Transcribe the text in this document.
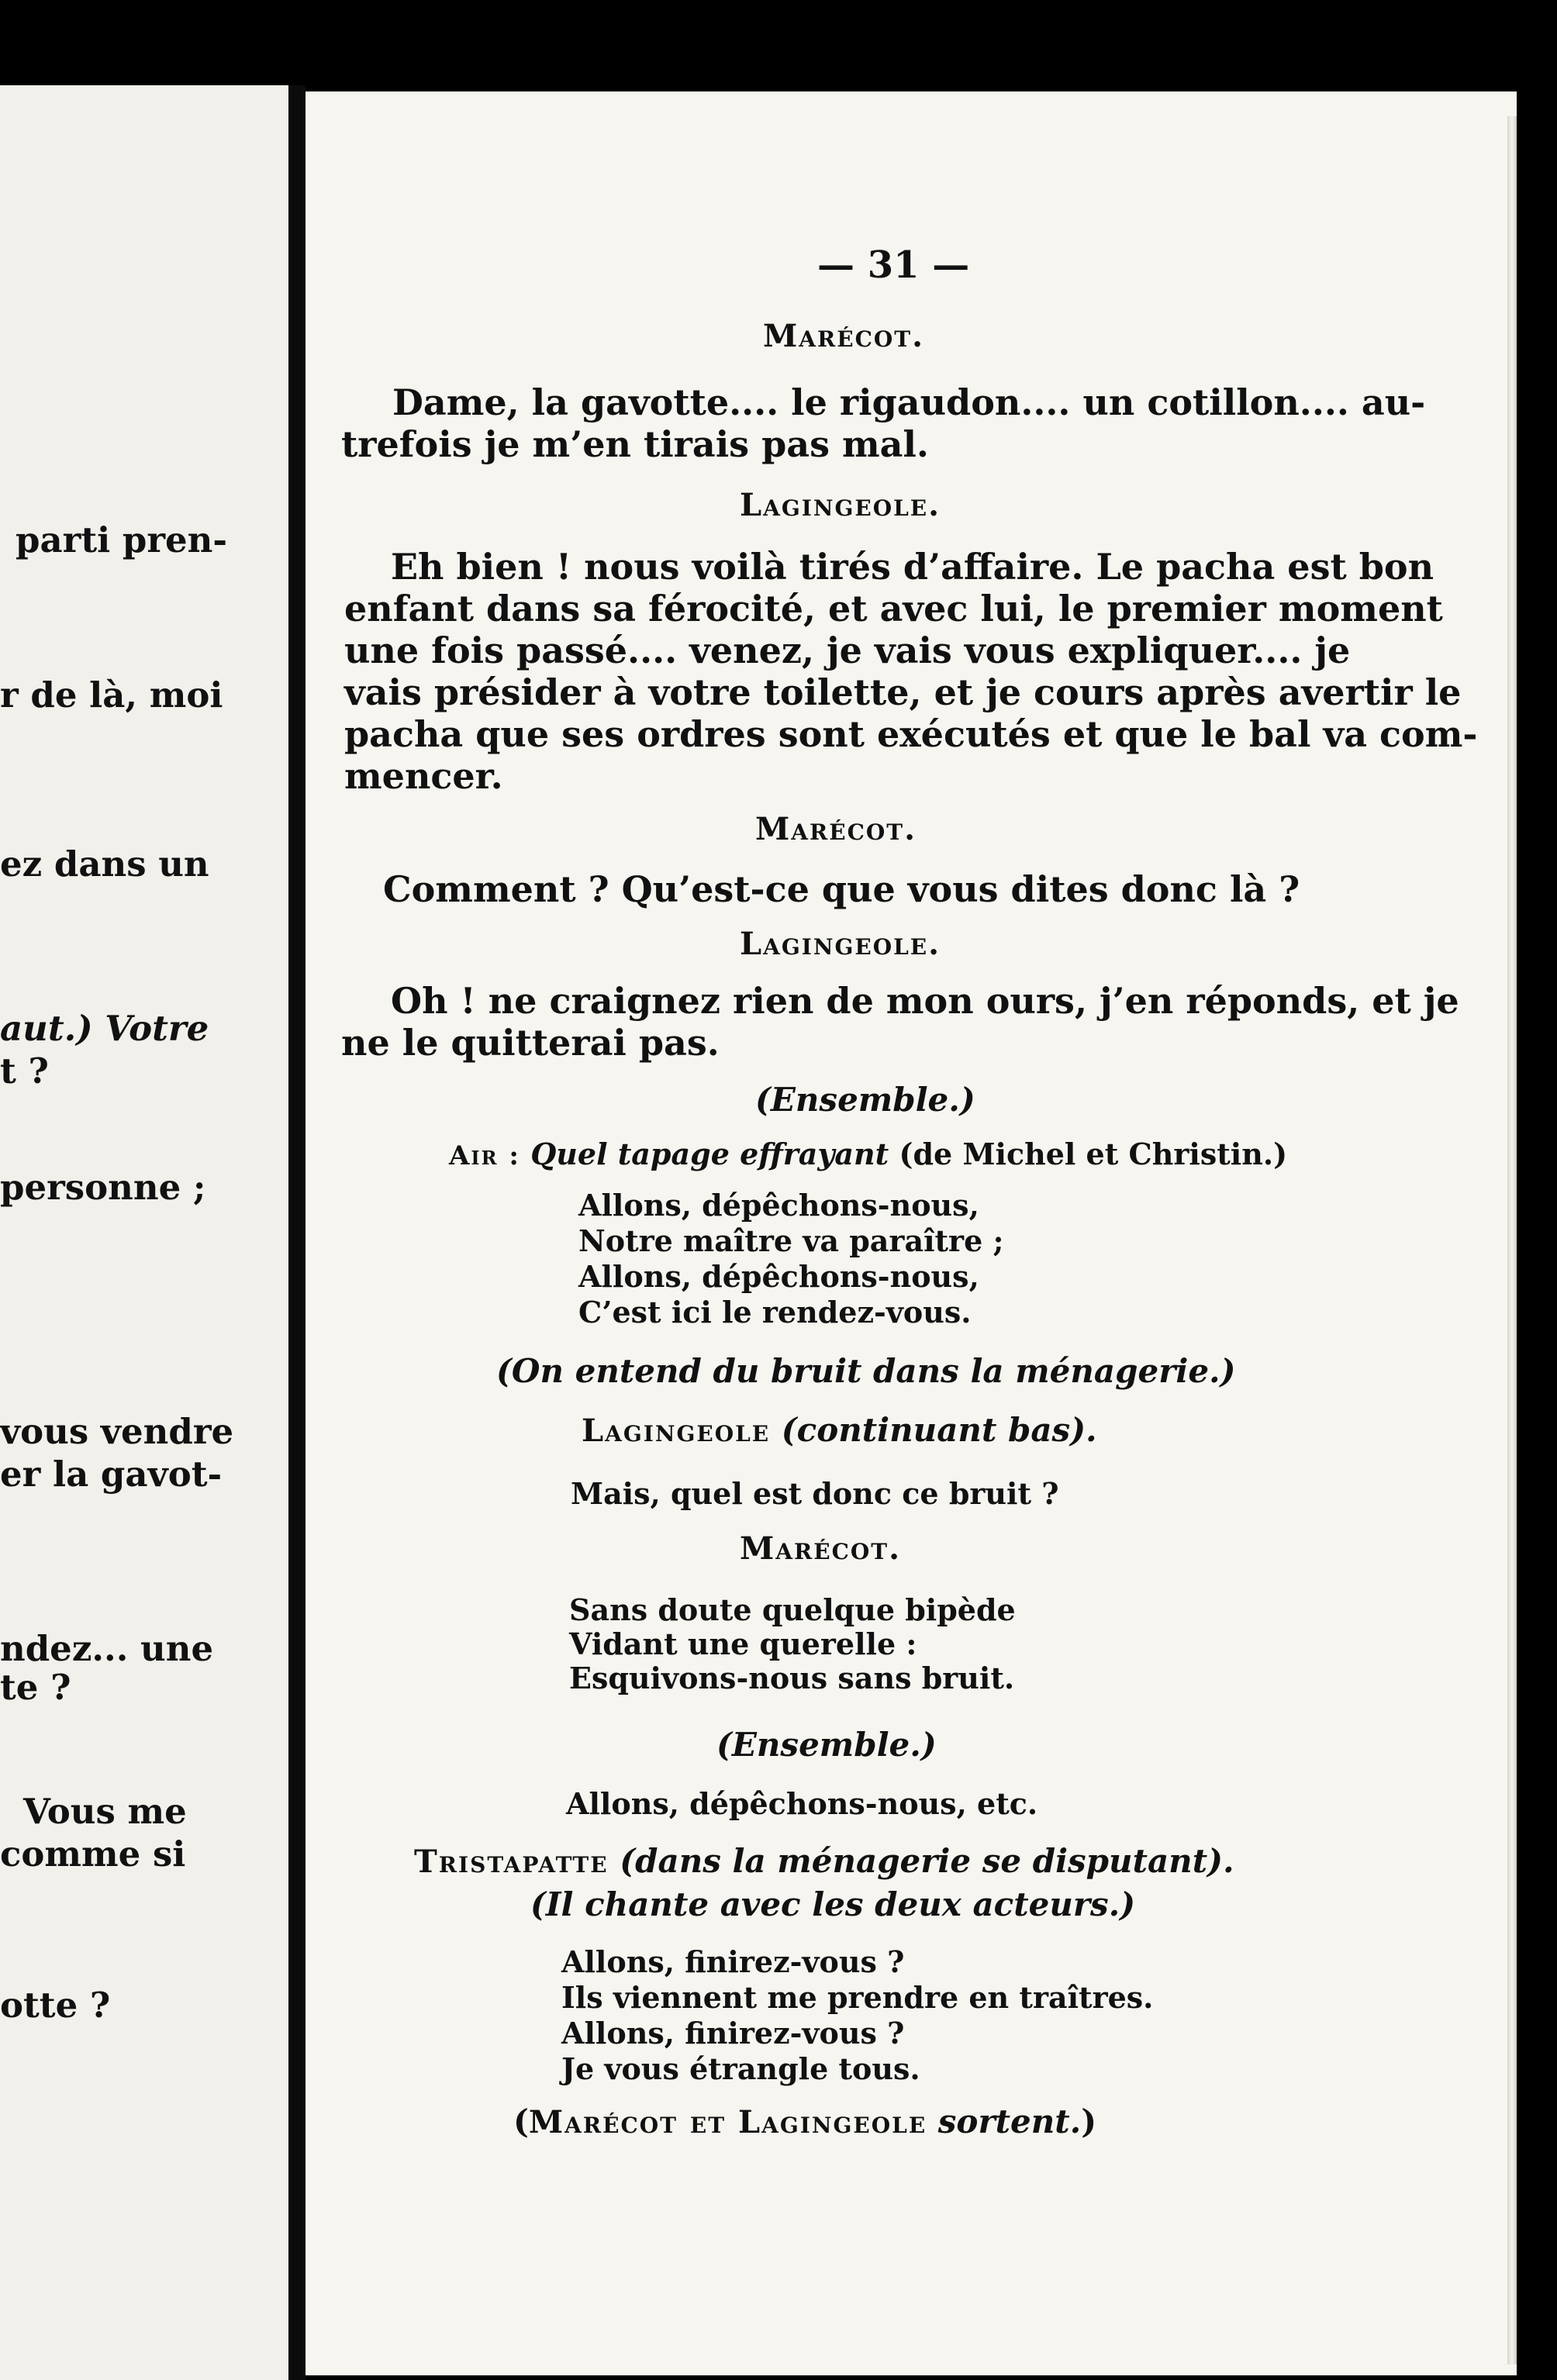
parti pren-
r de là, moi
ez dans un
aut.) Votre
t ?
personne ;
vous vendre
er la gavot-
ndez... une
te ?
Vous me
comme si
otte ?
— 31 —
Marécot.
Dame, la gavotte.... le rigaudon.... un cotillon.... au-
trefois je m’en tirais pas mal.
Lagingeole.
Eh bien ! nous voilà tirés d’affaire. Le pacha est bon
enfant dans sa férocité, et avec lui, le premier moment
une fois passé.... venez, je vais vous expliquer.... je
vais présider à votre toilette, et je cours après avertir le
pacha que ses ordres sont exécutés et que le bal va com-
mencer.
Marécot.
Comment ? Qu’est-ce que vous dites donc là ?
Lagingeole.
Oh ! ne craignez rien de mon ours, j’en réponds, et je
ne le quitterai pas.
(Ensemble.)
Air : Quel tapage effrayant (de Michel et Christin.)
Allons, dépêchons-nous,
Notre maître va paraître ;
Allons, dépêchons-nous,
C’est ici le rendez-vous.
(On entend du bruit dans la ménagerie.)
Lagingeole (continuant bas).
Mais, quel est donc ce bruit ?
Marécot.
Sans doute quelque bipède
Vidant une querelle :
Esquivons-nous sans bruit.
(Ensemble.)
Allons, dépêchons-nous, etc.
Tristapatte (dans la ménagerie se disputant).
(Il chante avec les deux acteurs.)
Allons, finirez-vous ?
Ils viennent me prendre en traîtres.
Allons, finirez-vous ?
Je vous étrangle tous.
(Marécot et Lagingeole sortent.)
